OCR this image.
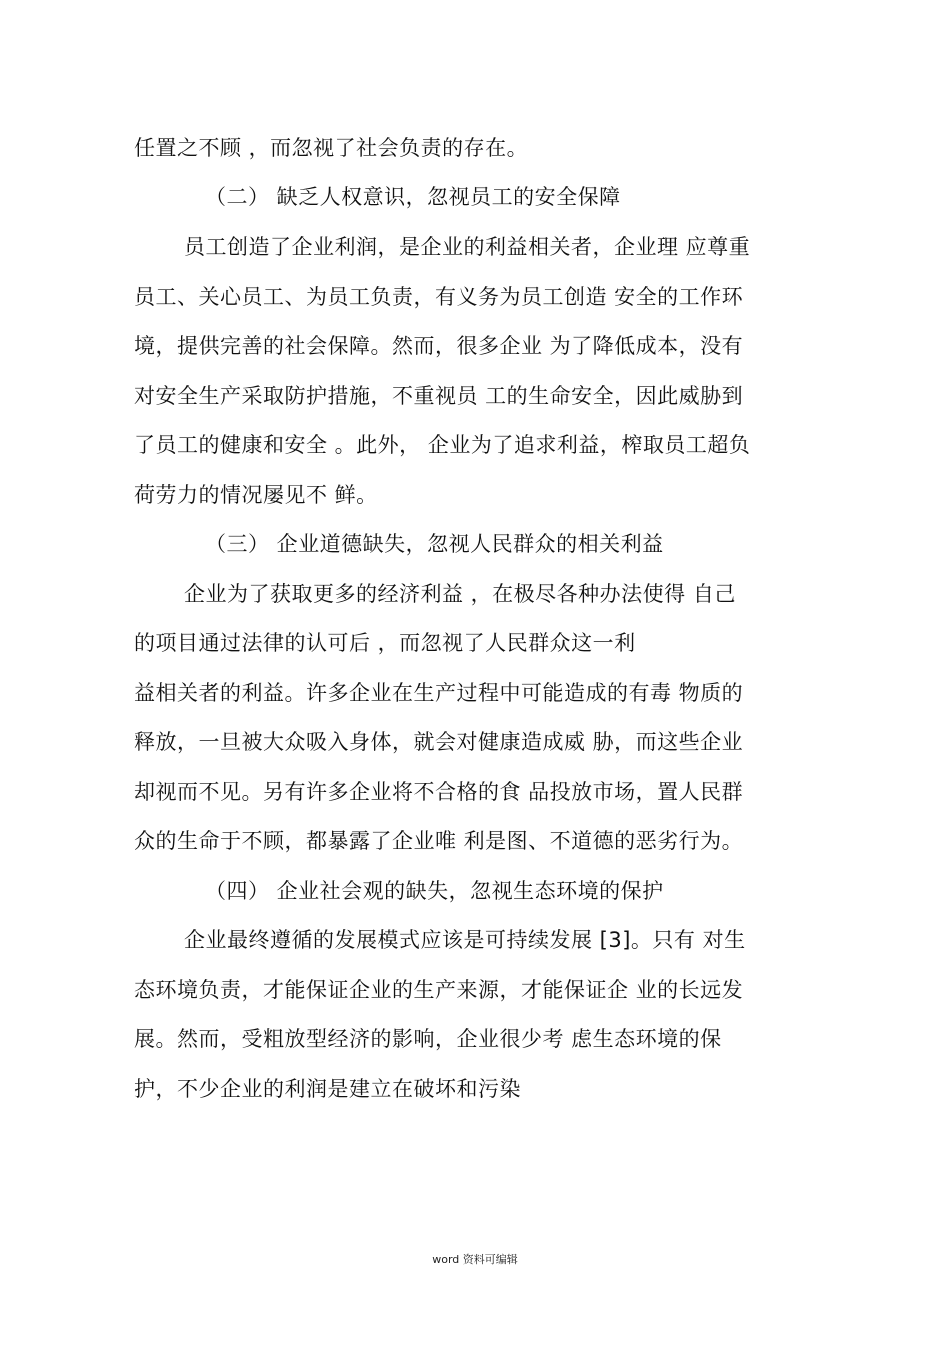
任置之不顾 ，而忽视了社会负责的存在。
（二） 缺乏人权意识，忽视员工的安全保障
员工创造了企业利润，是企业的利益相关者，企业理 应尊重
员工、关心员工、为员工负责，有义务为员工创造 安全的工作环
境，提供完善的社会保障。然而，很多企业 为了降低成本，没有
对安全生产采取防护措施，不重视员 工的生命安全，因此威胁到
了员工的健康和安全 。此外， 企业为了追求利益，榨取员工超负
荷劳力的情况屡见不 鲜。
（三） 企业道德缺失，忽视人民群众的相关利益
企业为了获取更多的经济利益 ，在极尽各种办法使得 自己
的项目通过法律的认可后 ，而忽视了人民群众这一利
益相关者的利益。许多企业在生产过程中可能造成的有毒 物质的
释放，一旦被大众吸入身体，就会对健康造成威 胁，而这些企业
却视而不见。另有许多企业将不合格的食 品投放市场，置人民群
众的生命于不顾，都暴露了企业唯 利是图、不道德的恶劣行为。
（四） 企业社会观的缺失，忽视生态环境的保护
企业最终遵循的发展模式应该是可持续发展 [3]。只有 对生
态环境负责，才能保证企业的生产来源，才能保证企 业的长远发
展。然而，受粗放型经济的影响，企业很少考 虑生态环境的保
护，不少企业的利润是建立在破坏和污染
word 资料可编辑
